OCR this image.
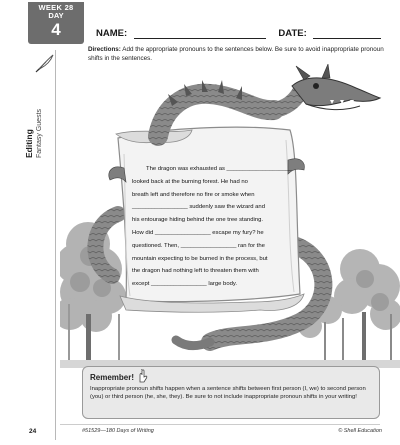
WEEK 28
DAY
4
Editing Fantasy Guests
NAME:	DATE:
Directions: Add the appropriate pronouns to the sentences below. Be sure to avoid inappropriate pronoun shifts in the sentences.

The dragon was exhausted as ____________________

looked back at the burning forest. He had no

breath left and therefore no fire or smoke when

_________________ suddenly saw the wizard and

his entourage hiding behind the one tree standing.

How did _________________ escape my fury? he

questioned. Then, _________________ ran for the

mountain expecting to be burned in the process, but

the dragon had nothing left to threaten them with

except _________________ large body.

Remember!
Inappropriate pronoun shifts happen when a sentence shifts between first person (I, we) to second person (you) or third person (he, she, they). Be sure to not include inappropriate pronoun shifts in your writing!
24	#51529—180 Days of Writing	© Shell Education
